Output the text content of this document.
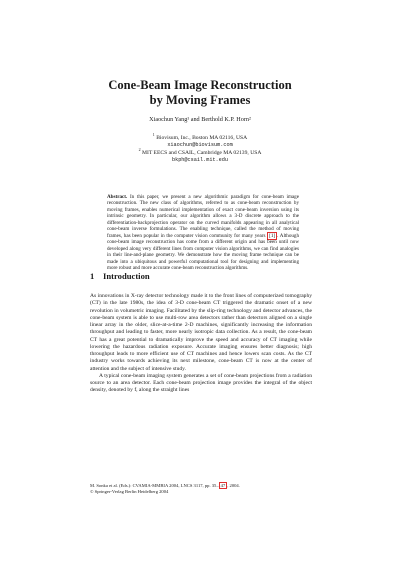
Cone-Beam Image Reconstruction
by Moving Frames
Xiaochun Yang¹ and Berthold K.P. Horn²
$^1$ Biovisum, Inc., Boston MA 02116, USA
xiaochun@biovisum.com
$^2$ MIT EECS and CSAIL, Cambridge MA 02139, USA
bkph@csail.mit.edu
Abstract. In this paper, we present a new algorithmic paradigm for cone-beam image reconstruction. The new class of algorithms, referred to as cone-beam reconstruction by moving frames, enables numerical implementation of exact cone-beam inversion using its intrinsic geometry. In particular, our algorithm allows a 3-D discrete approach to the differentiation-backprojection operator on the curved manifolds appearing in all analytical cone-beam inverse formulations. The enabling technique, called the method of moving frames, has been popular in the computer vision community for many years [1] . Although cone-beam image reconstruction has come from a different origin and has been until now developed along very different lines from computer vision algorithms, we can find analogies in their line-and-plane geometry. We demonstrate how the moving frame technique can be made into a ubiquitous and powerful computational tool for designing and implementing more robust and more accurate cone-beam reconstruction algorithms.
1 Introduction

As innovations in X-ray detector technology made it to the front lines of computerized tomography (CT) in the late 1980s, the idea of 3-D cone-beam CT triggered the dramatic onset of a new revolution in volumetric imaging. Facilitated by the slip-ring technology and detector advances, the cone-beam system is able to use multi-row area detectors rather than detectors aligned on a single linear array in the older, slice-at-a-time 2-D machines, significantly increasing the information throughput and leading to faster, more nearly isotropic data collection. As a result, the cone-beam CT has a great potential to dramatically improve the speed and accuracy of CT imaging while lowering the hazardous radiation exposure. Accurate imaging ensures better diagnosis; high throughput leads to more efficient use of CT machines and hence lowers scan costs. As the CT industry works towards achieving its next milestone, cone-beam CT is now at the center of attention and the subject of intensive study.

A typical cone-beam imaging system generates a set of cone-beam projections from a radiation source to an area detector. Each cone-beam projection image provides the integral of the object density, denoted by f, along the straight lines

M. Sonka et al. (Eds.): CVAMIA-MMBIA 2004, LNCS 3117, pp. 35– 47 , 2004.
© Springer-Verlag Berlin Heidelberg 2004
